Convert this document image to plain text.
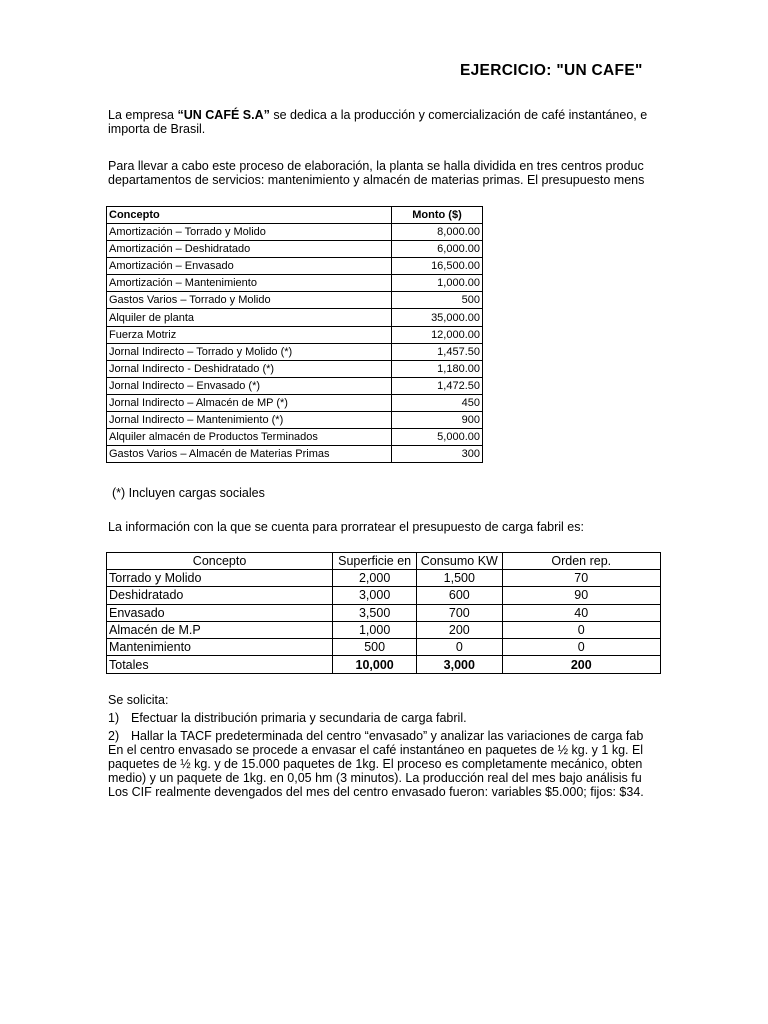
EJERCICIO: "UN CAFE"
La empresa “UN CAFÉ S.A” se dedica a la producción y comercialización de café instantáneo, e
importa de Brasil.
Para llevar a cabo este proceso de elaboración, la planta se halla dividida en tres centros produc
departamentos de servicios: mantenimiento y almacén de materias primas. El presupuesto mens
Concepto	Monto ($)
Amortización – Torrado y Molido	8,000.00
Amortización – Deshidratado	6,000.00
Amortización – Envasado	16,500.00
Amortización – Mantenimiento	1,000.00
Gastos Varios – Torrado y Molido	500
Alquiler de planta	35,000.00
Fuerza Motriz	12,000.00
Jornal Indirecto – Torrado y Molido (*)	1,457.50
Jornal Indirecto - Deshidratado (*)	1,180.00
Jornal Indirecto – Envasado (*)	1,472.50
Jornal Indirecto – Almacén de MP (*)	450
Jornal Indirecto – Mantenimiento (*)	900
Alquiler almacén de Productos Terminados	5,000.00
Gastos Varios – Almacén de Materias Primas	300
(*) Incluyen cargas sociales
La información con la que se cuenta para prorratear el presupuesto de carga fabril es:
Concepto	Superficie en	Consumo KW	Orden rep.
Torrado y Molido	2,000	1,500	70
Deshidratado	3,000	600	90
Envasado	3,500	700	40
Almacén de M.P	1,000	200	0
Mantenimiento	500	0	0
Totales	10,000	3,000	200
Se solicita:
1) Efectuar la distribución primaria y secundaria de carga fabril.
2) Hallar la TACF predeterminada del centro “envasado” y analizar las variaciones de carga fab
En el centro envasado se procede a envasar el café instantáneo en paquetes de ½ kg. y 1 kg. El
paquetes de ½ kg. y de 15.000 paquetes de 1kg. El proceso es completamente mecánico, obten
medio) y un paquete de 1kg. en 0,05 hm (3 minutos). La producción real del mes bajo análisis fu
Los CIF realmente devengados del mes del centro envasado fueron: variables $5.000; fijos: $34.
